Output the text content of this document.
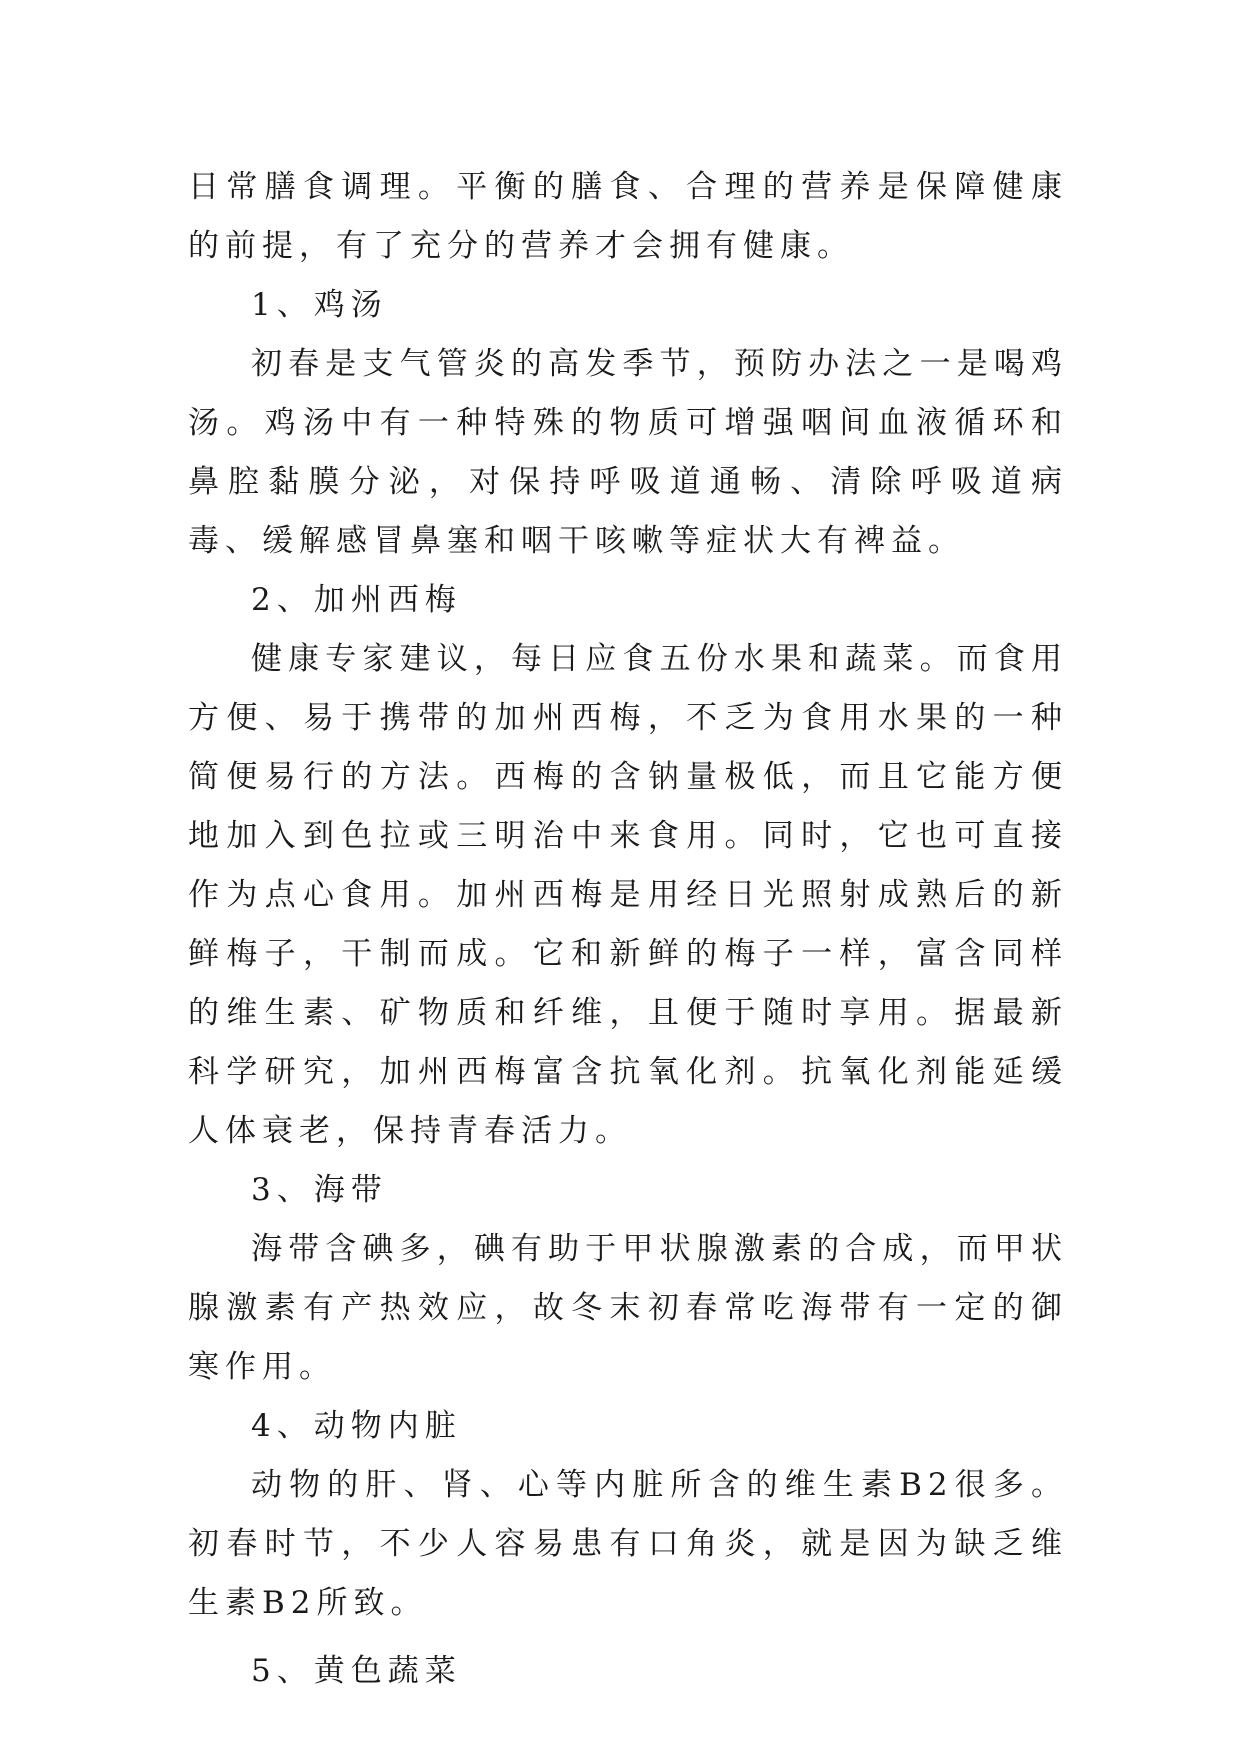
日常膳食调理。平衡的膳食、合理的营养是保障健康的前提，有了充分的营养才会拥有健康。

1、鸡汤

初春是支气管炎的高发季节，预防办法之一是喝鸡汤。鸡汤中有一种特殊的物质可增强咽间血液循环和鼻腔黏膜分泌，对保持呼吸道通畅、清除呼吸道病毒、缓解感冒鼻塞和咽干咳嗽等症状大有裨益。

2、加州西梅

健康专家建议，每日应食五份水果和蔬菜。而食用方便、易于携带的加州西梅，不乏为食用水果的一种简便易行的方法。西梅的含钠量极低，而且它能方便地加入到色拉或三明治中来食用。同时，它也可直接作为点心食用。加州西梅是用经日光照射成熟后的新鲜梅子，干制而成。它和新鲜的梅子一样，富含同样的维生素、矿物质和纤维，且便于随时享用。据最新科学研究，加州西梅富含抗氧化剂。抗氧化剂能延缓人体衰老，保持青春活力。

3、海带

海带含碘多，碘有助于甲状腺激素的合成，而甲状腺激素有产热效应，故冬末初春常吃海带有一定的御寒作用。

4、动物内脏

动物的肝、肾、心等内脏所含的维生素B2很多。初春时节，不少人容易患有口角炎，就是因为缺乏维生素B2所致。

5、黄色蔬菜
